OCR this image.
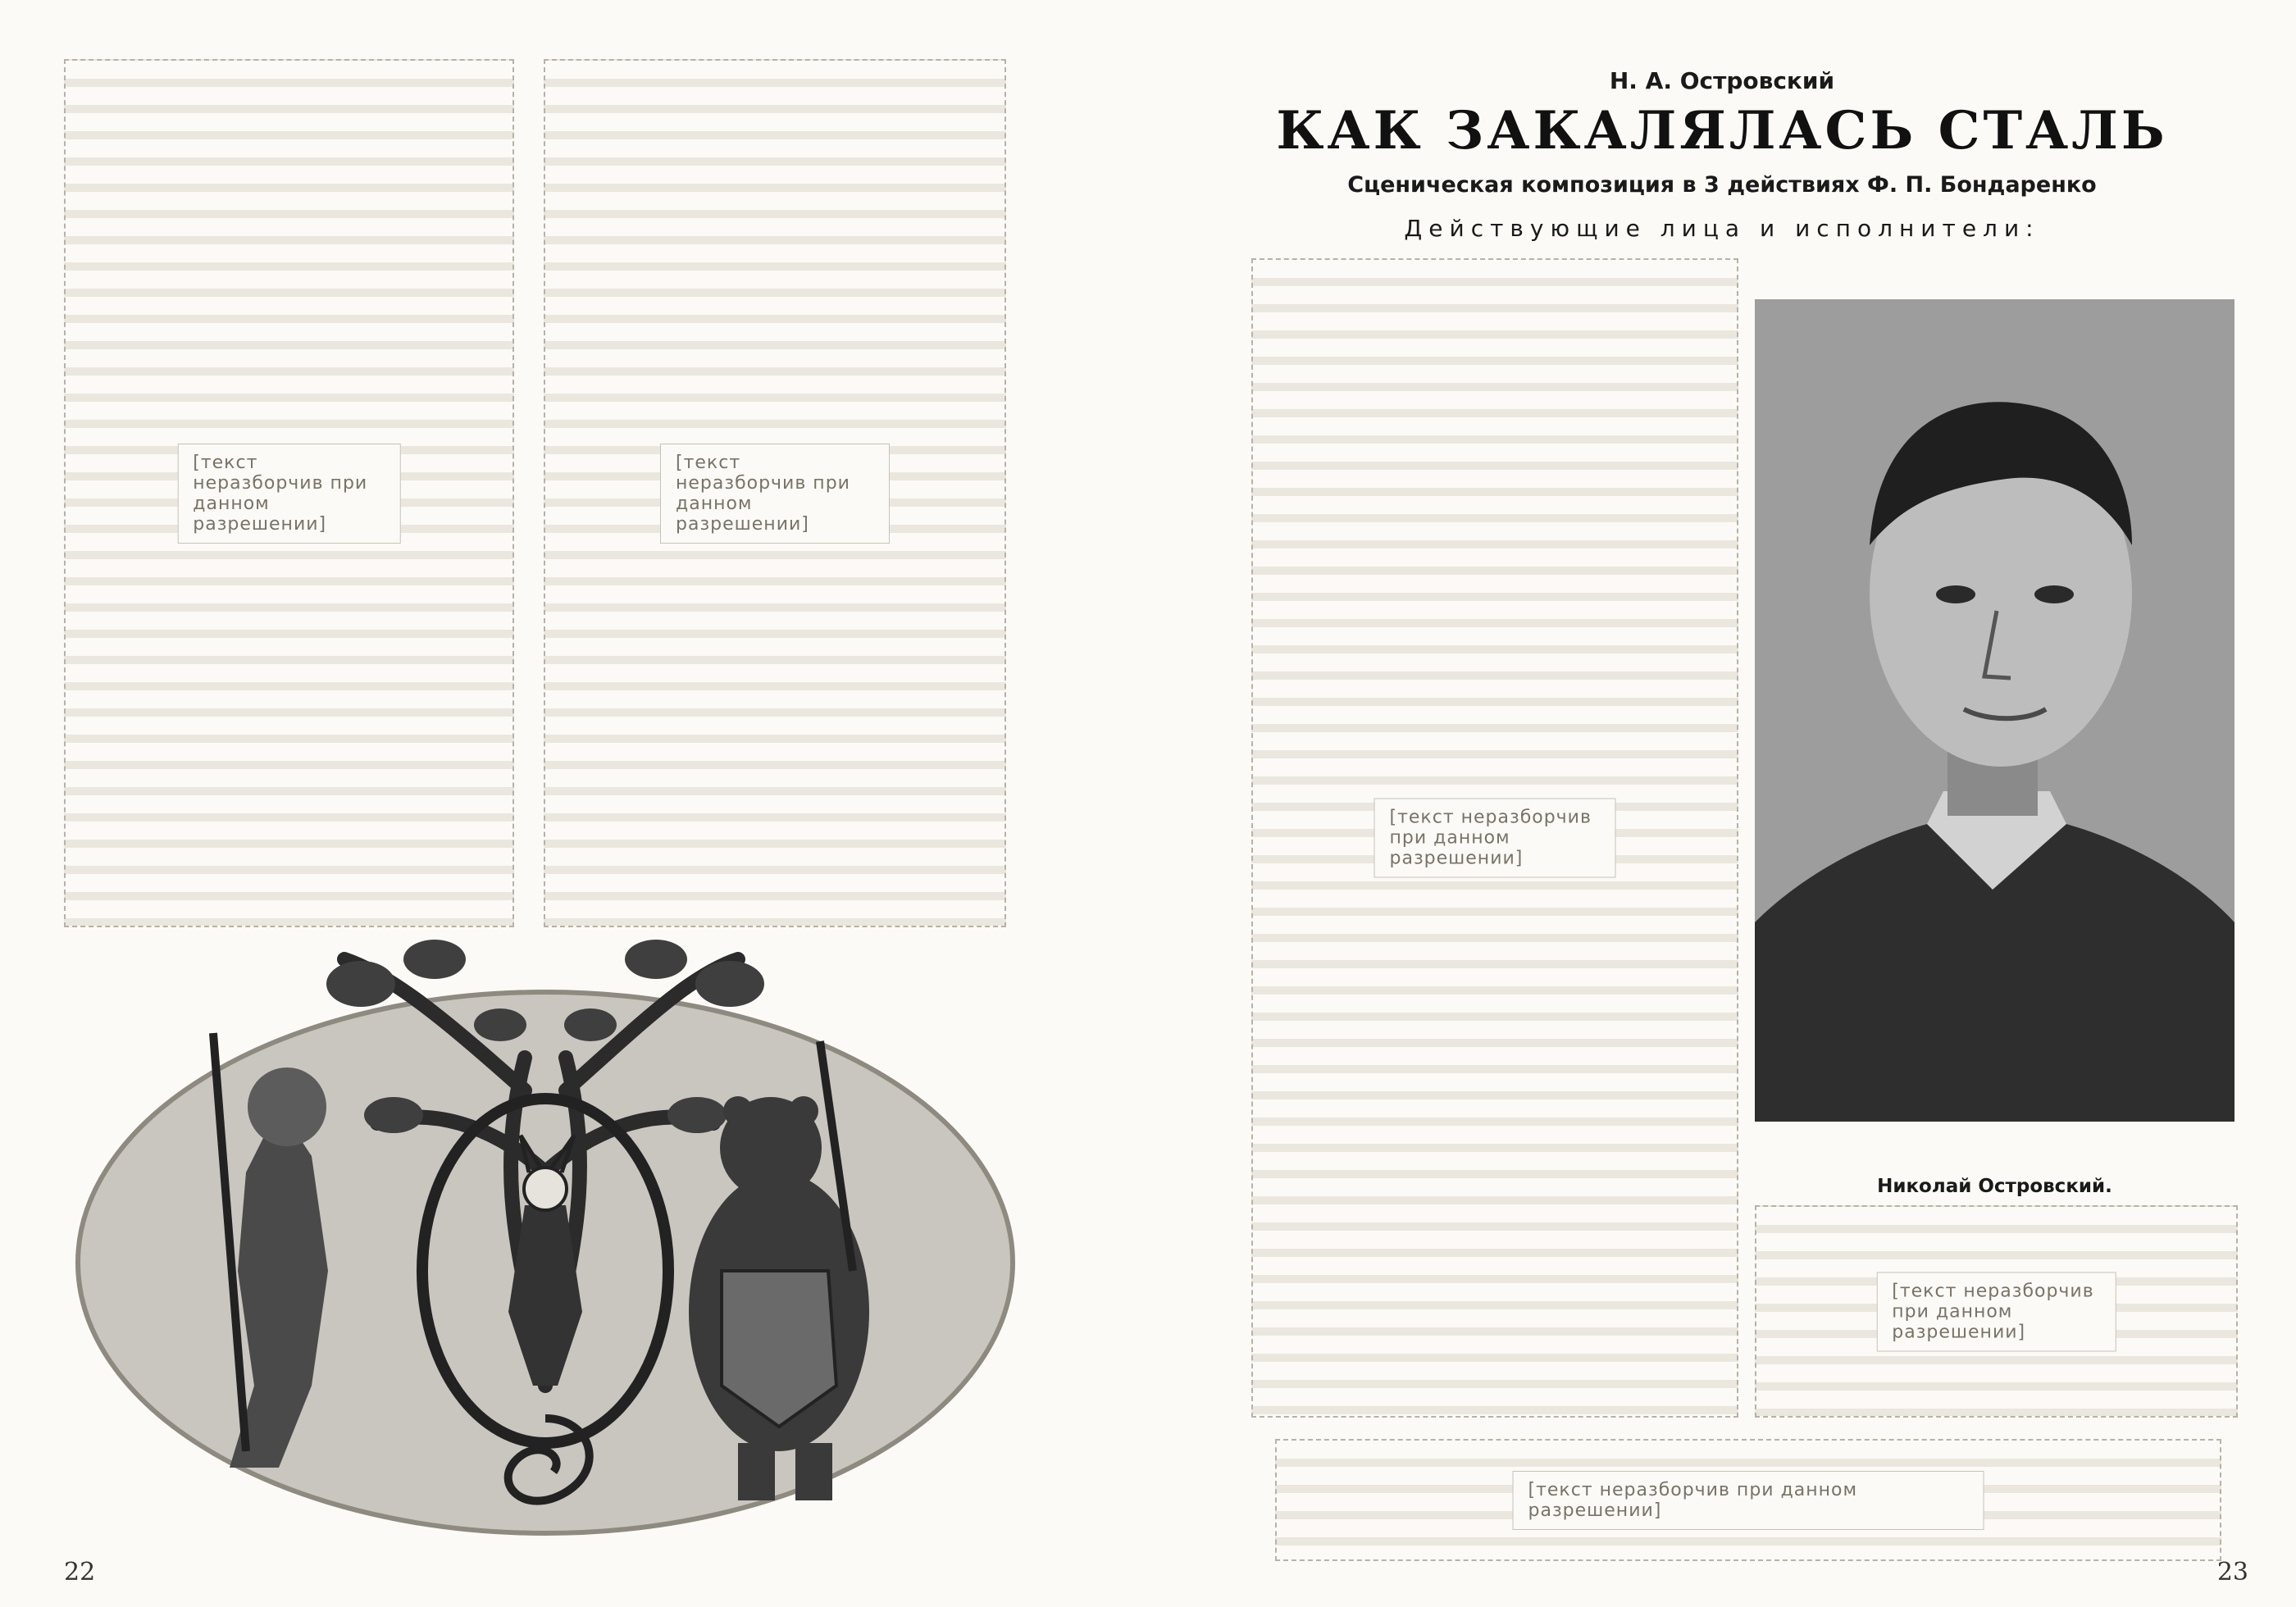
[текст неразборчив при данном разрешении]
[текст неразборчив при данном разрешении]
22
Н. А. Островский
КАК ЗАКАЛЯЛАСЬ СТАЛЬ
Сценическая композиция в 3 действиях Ф. П. Бондаренко
Действующие лица и исполнители:
[текст неразборчив при данном разрешении]
Николай Островский.
[текст неразборчив при данном разрешении]
[текст неразборчив при данном разрешении]
23
